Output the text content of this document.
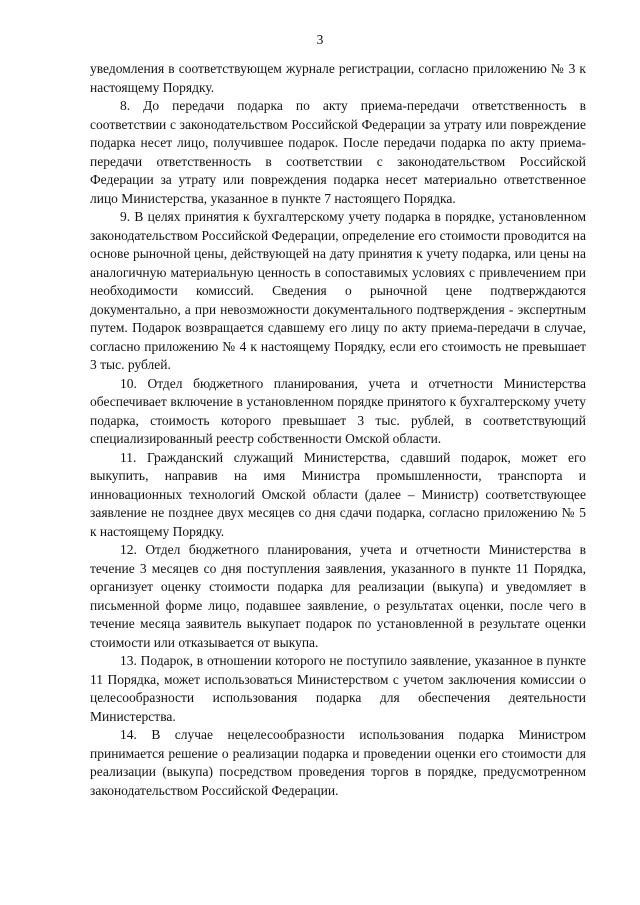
3

уведомления в соответствующем журнале регистрации, согласно приложению № 3 к настоящему Порядку.

8. До передачи подарка по акту приема-передачи ответственность в соответствии с законодательством Российской Федерации за утрату или повреждение подарка несет лицо, получившее подарок. После передачи подарка по акту приема-передачи ответственность в соответствии с законодательством Российской Федерации за утрату или повреждения подарка несет материально ответственное лицо Министерства, указанное в пункте 7 настоящего Порядка.

9. В целях принятия к бухгалтерскому учету подарка в порядке, установленном законодательством Российской Федерации, определение его стоимости проводится на основе рыночной цены, действующей на дату принятия к учету подарка, или цены на аналогичную материальную ценность в сопоставимых условиях с привлечением при необходимости комиссий. Сведения о рыночной цене подтверждаются документально, а при невозможности документального подтверждения - экспертным путем. Подарок возвращается сдавшему его лицу по акту приема-передачи в случае, согласно приложению № 4 к настоящему Порядку, если его стоимость не превышает 3 тыс. рублей.

10. Отдел бюджетного планирования, учета и отчетности Министерства обеспечивает включение в установленном порядке принятого к бухгалтерскому учету подарка, стоимость которого превышает 3 тыс. рублей, в соответствующий специализированный реестр собственности Омской области.

11. Гражданский служащий Министерства, сдавший подарок, может его выкупить, направив на имя Министра промышленности, транспорта и инновационных технологий Омской области (далее – Министр) соответствующее заявление не позднее двух месяцев со дня сдачи подарка, согласно приложению № 5 к настоящему Порядку.

12. Отдел бюджетного планирования, учета и отчетности Министерства в течение 3 месяцев со дня поступления заявления, указанного в пункте 11 Порядка, организует оценку стоимости подарка для реализации (выкупа) и уведомляет в письменной форме лицо, подавшее заявление, о результатах оценки, после чего в течение месяца заявитель выкупает подарок по установленной в результате оценки стоимости или отказывается от выкупа.

13. Подарок, в отношении которого не поступило заявление, указанное в пункте 11 Порядка, может использоваться Министерством с учетом заключения комиссии о целесообразности использования подарка для обеспечения деятельности Министерства.

14. В случае нецелесообразности использования подарка Министром принимается решение о реализации подарка и проведении оценки его стоимости для реализации (выкупа) посредством проведения торгов в порядке, предусмотренном законодательством Российской Федерации.
